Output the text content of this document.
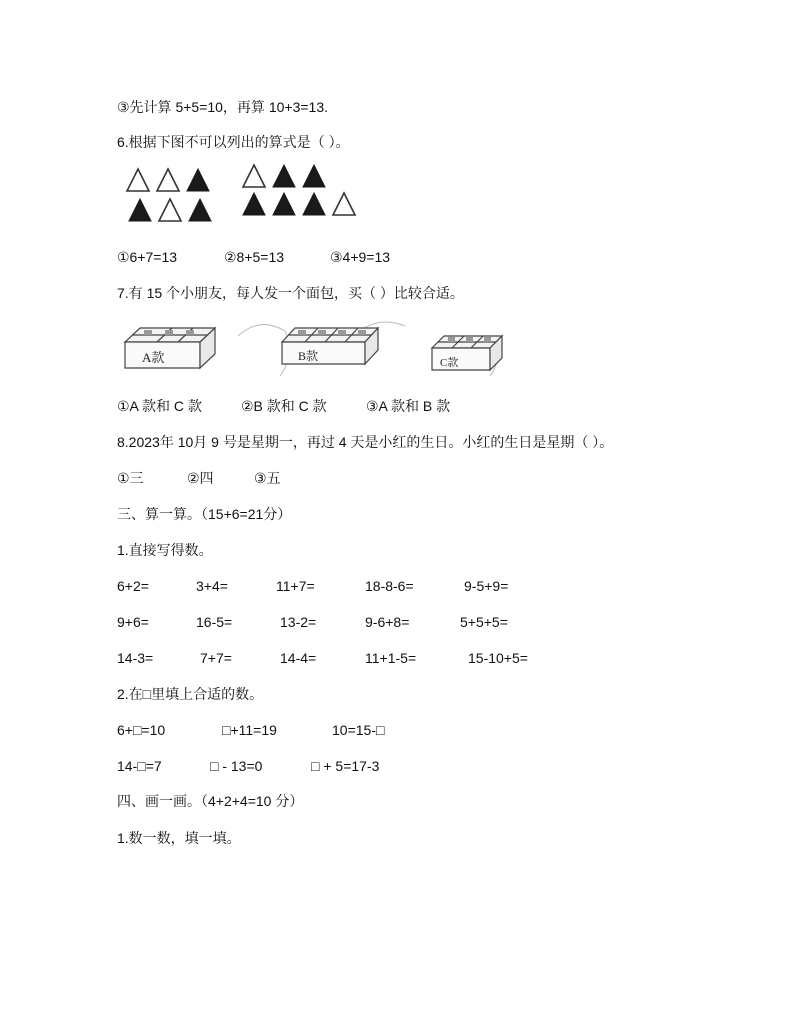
③先计算 5+5=10，再算 10+3=13.
6.根据下图不可以列出的算式是（ ）。
①6+7=13	②8+5=13	③4+9=13
7.有 15 个小朋友，每人发一个面包，买（ ）比较合适。
A款	B款	C款
①A 款和 C 款	②B 款和 C 款	③A 款和 B 款
8.2023年 10月 9 号是星期一，再过 4 天是小红的生日。小红的生日是星期（ ）。
①三	②四	③五
三、算一算。（15+6=21分）
1.直接写得数。
6+2=	3+4=	11+7=	18-8-6=	9-5+9=
9+6=	16-5=	13-2=	9-6+8=	5+5+5=
14-3=	7+7=	14-4=	11+1-5=	15-10+5=
2.在□里填上合适的数。
6+□=10	□+11=19	10=15-□
14-□=7	□ - 13=0	□ + 5=17-3
四、画一画。（4+2+4=10 分）
1.数一数，填一填。
